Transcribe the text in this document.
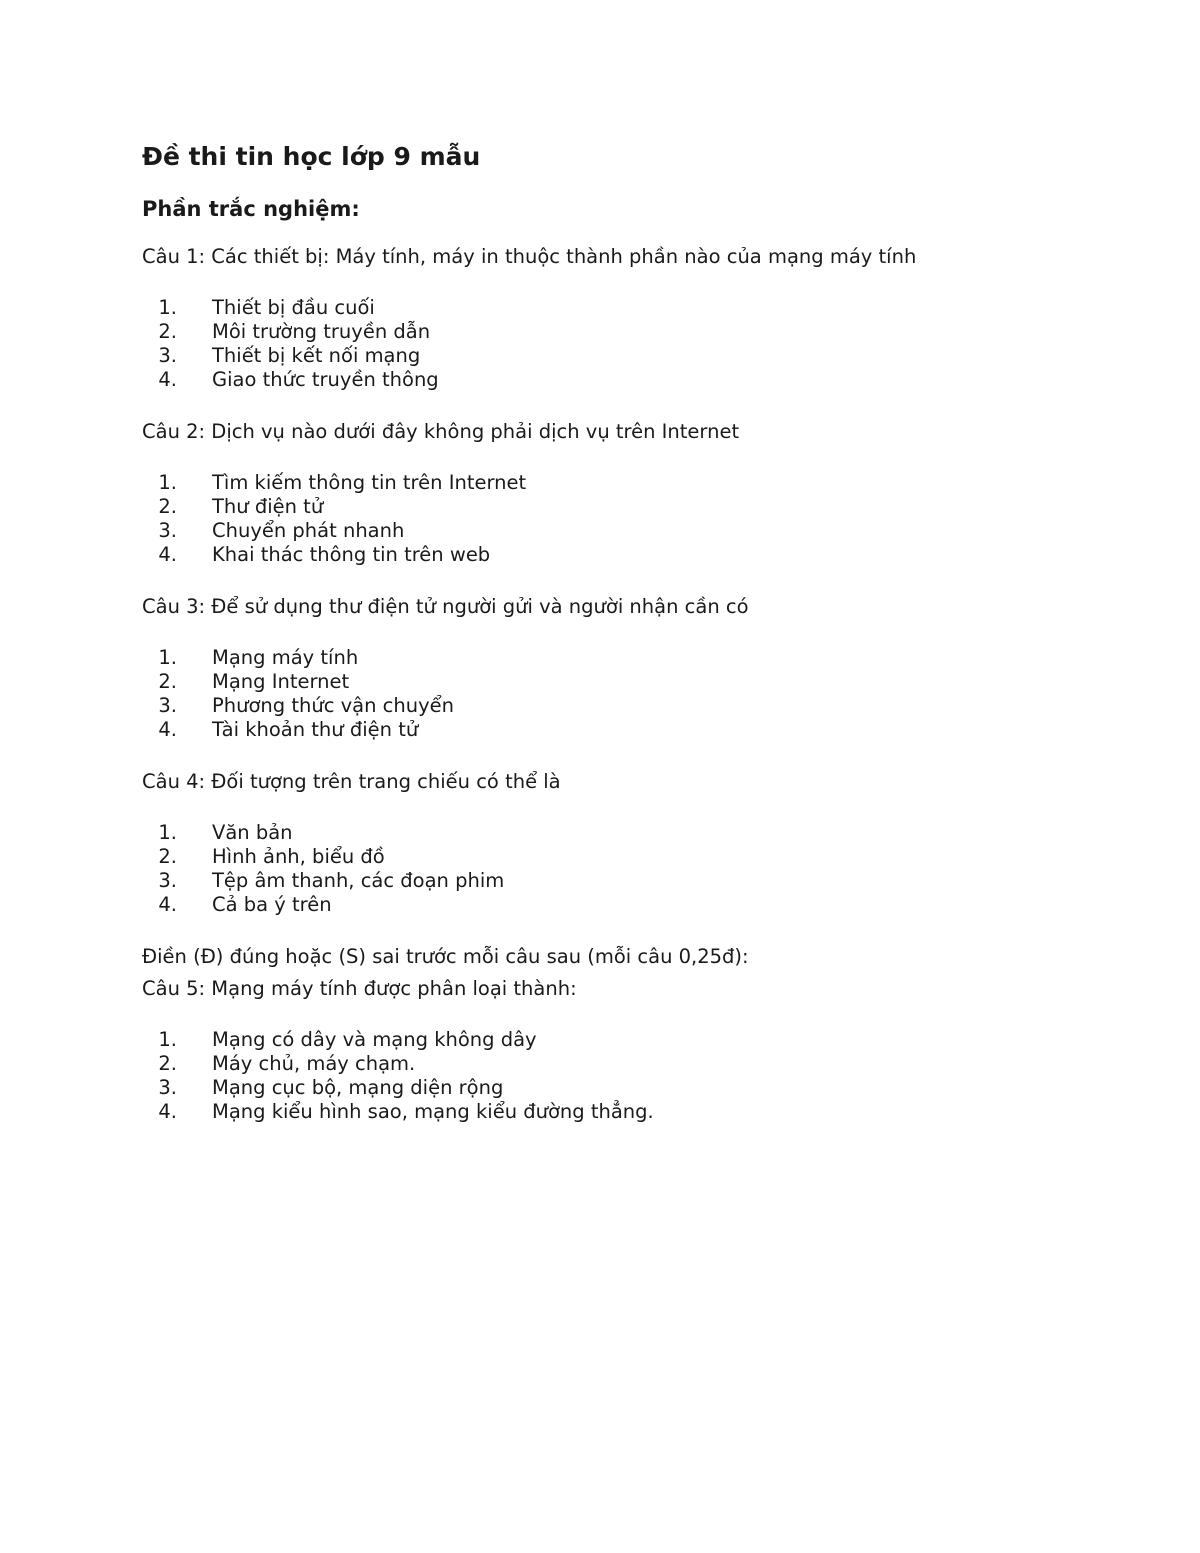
Đề thi tin học lớp 9 mẫu
Phần trắc nghiệm:

Câu 1: Các thiết bị: Máy tính, máy in thuộc thành phần nào của mạng máy tính

1 .	Thiết bị đầu cuối
2 .	Môi trường truyền dẫn
3 .	Thiết bị kết nối mạng
4 .	Giao thức truyền thông

Câu 2: Dịch vụ nào dưới đây không phải dịch vụ trên Internet

1 .	Tìm kiếm thông tin trên Internet
2 .	Thư điện tử
3 .	Chuyển phát nhanh
4 .	Khai thác thông tin trên web

Câu 3: Để sử dụng thư điện tử người gửi và người nhận cần có

1 .	Mạng máy tính
2 .	Mạng Internet
3 .	Phương thức vận chuyển
4 .	Tài khoản thư điện tử

Câu 4: Đối tượng trên trang chiếu có thể là

1 .	Văn bản
2 .	Hình ảnh, biểu đồ
3 .	Tệp âm thanh, các đoạn phim
4 .	Cả ba ý trên

Điền (Đ) đúng hoặc (S) sai trước mỗi câu sau (mỗi câu 0,25đ):

Câu 5: Mạng máy tính được phân loại thành:

1 .	Mạng có dây và mạng không dây
2 .	Máy chủ, máy chạm.
3 .	Mạng cục bộ, mạng diện rộng
4 .	Mạng kiểu hình sao, mạng kiểu đường thẳng.
